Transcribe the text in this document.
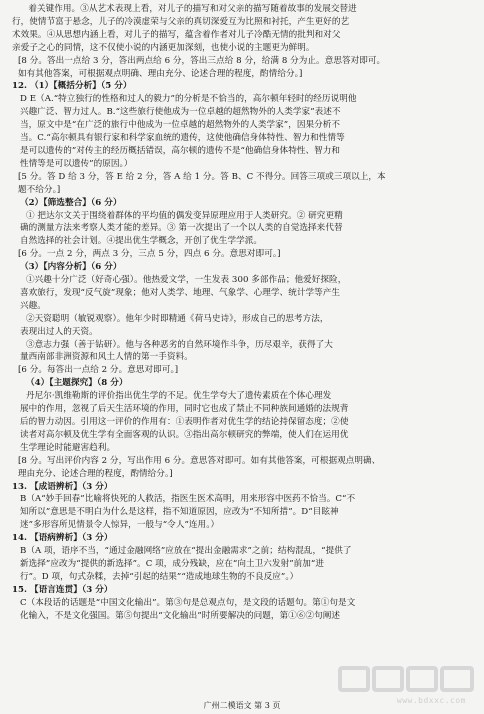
着关键作用。③从艺术表现上看，对儿子的描写和对父亲的描写随着故事的发展交替进

行，使情节富于悬念，儿子的冷漠虚荣与父亲的真切深爱互为比照和衬托，产生更好的艺

术效果。④从思想内涵上看，对儿子的描写，蕴含着作者对儿子冷酷无情的批判和对父

亲爱子之心的同情，这不仅使小说的内涵更加深刻，也使小说的主题更为鲜明。

[8 分。答出一点给 3 分，答出两点给 6 分，答出三点给 8 分，给满 8 分为止。意思答对即可。

如有其他答案，可根据观点明确、理由充分、论述合理的程度，酌情给分。]

12. （1）【概括分析】（5 分）

D E（A.“特立独行的性格和过人的毅力”的分析是不恰当的，高尔顿年轻时的经历说明他

兴趣广泛、智力过人。B.“这些旅行使他成为一位卓越的超然物外的人类学家”表述不

当，原文中是“在广泛的旅行中他成为一位卓越的超然物外的人类学家”，因果分析不

当。C.“高尔顿具有银行家和科学家血统的遗传，这使他确信身体特性、智力和性情等

是可以遗传的”对传主的经历概括错误，高尔顿的遗传不是“他确信身体特性、智力和

性情等是可以遗传”的原因。）

[5 分。答 D 给 3 分，答 E 给 2 分，答 A 给 1 分。答 B、C 不得分。回答三项或三项以上，本

题不给分。]

（2）【筛选整合】（6 分）

① 把达尔文关于围绕着群体的平均值的偶发变异原理应用于人类研究。② 研究更精

确的测量方法来考察人类才能的差异。③ 第一次提出了一个以人类的自觉选择来代替

自然选择的社会计划。④提出优生学概念，开创了优生学学派。

[6 分。一点 2 分，两点 3 分，三点 5 分，四点 6 分。意思对即可。]

（3）【内容分析】（6 分）

①兴趣十分广泛（好奇心强）。他热爱文学，一生发表 300 多部作品；他爱好探险，

喜欢旅行，发现“反气旋”现象；他对人类学、地理、气象学、心理学、统计学等产生

兴趣。

②天资聪明（敏锐观察）。他年少时即精通《荷马史诗》，形成自己的思考方法，

表现出过人的天资。

③意志力强（善于钻研）。他与各种恶劣的自然环境作斗争，历尽艰辛，获得了大

量西南部非洲资源和风土人情的第一手资料。

[6 分。每答出一点给 2 分。意思对即可。]

（4）【主题探究】（8 分）

丹尼尔·凯维勒斯的评价指出优生学的不足。优生学夸大了遗传素质在个体心理发

展中的作用，忽视了后天生活环境的作用，同时它也成了禁止不同种族间通婚的法规背

后的智力动因。引用这一评价的作用有：①表明作者对优生学的结论持保留态度；②使

读者对高尔顿及优生学有全面客观的认识。③指出高尔顿研究的弊端，使人们在运用优

生学理论时能避害趋利。

[8 分。写出评价内容 2 分，写出作用 6 分。意思答对即可。如有其他答案，可根据观点明确、

理由充分、论述合理的程度，酌情给分。]

13. 【成语辨析】（3 分）

B（A“妙手回春”比喻将快死的人救活，指医生医术高明，用来形容中医药不恰当。C“不

知所以”意思是不明白为什么是这样，指不知道原因，应改为“不知所措”。D“目眩神

迷”多形容所见情景令人惊异，一般与“令人”连用。）

14. 【语病辨析】（3 分）

B（A 项，语序不当，“通过金融网络”应放在“提出金融需求”之前；结构混乱，“提供了

新选择”应改为“提供的新选择”。C 项，成分残缺，应在“向土卫六发射”前加“进

行”。D 项，句式杂糅，去掉“引起的结果”“造成地球生物的不良反应”。）

15. 【语言连贯】（3 分）

C（本段话的话题是“中国文化输出”。第③句是总观点句，是文段的话题句。第①句是文

化输入，不是文化强国。第⑤句提出“文化输出”时所要解决的问题，第①⑥②句阐述

广州二模语文 第 3 页
www.bdxxc.com
